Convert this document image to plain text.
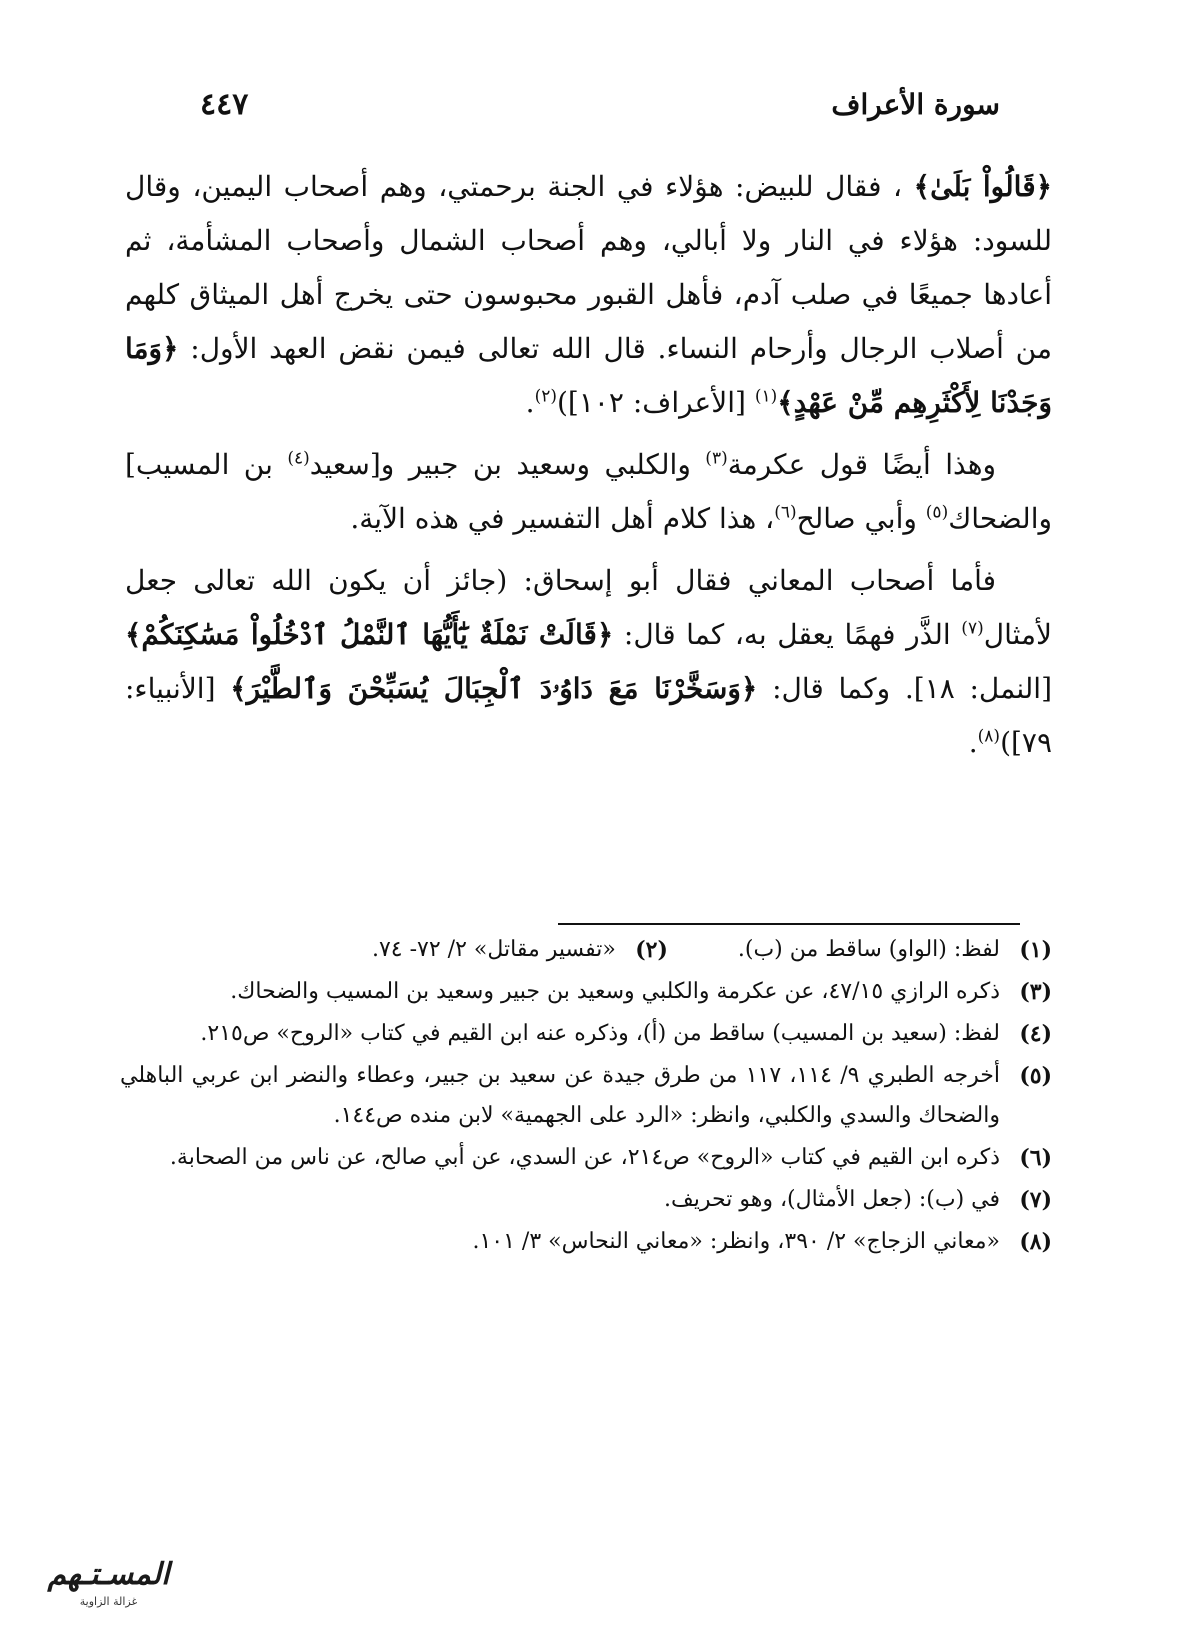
سورة الأعراف
٤٤٧

﴿قَالُواْ بَلَىٰ﴾ ، فقال للبيض: هؤلاء في الجنة برحمتي، وهم أصحاب اليمين، وقال للسود: هؤلاء في النار ولا أبالي، وهم أصحاب الشمال وأصحاب المشأمة، ثم أعادها جميعًا في صلب آدم، فأهل القبور محبوسون حتى يخرج أهل الميثاق كلهم من أصلاب الرجال وأرحام النساء. قال الله تعالى فيمن نقض العهد الأول: ﴿وَمَا وَجَدْنَا لِأَكْثَرِهِم مِّنْ عَهْدٍ﴾$^{(١)}$ [الأعراف: ١٠٢])$^{(٢)}$.

وهذا أيضًا قول عكرمة$^{(٣)}$ والكلبي وسعيد بن جبير و[سعيد$^{(٤)}$ بن المسيب] والضحاك$^{(٥)}$ وأبي صالح$^{(٦)}$، هذا كلام أهل التفسير في هذه الآية.

فأما أصحاب المعاني فقال أبو إسحاق: (جائز أن يكون الله تعالى جعل لأمثال$^{(٧)}$ الذَّر فهمًا يعقل به، كما قال: ﴿قَالَتْ نَمْلَةٌ يَٰٓأَيُّهَا ٱلنَّمْلُ ٱدْخُلُواْ مَسَٰكِنَكُمْ﴾ [النمل: ١٨]. وكما قال: ﴿وَسَخَّرْنَا مَعَ دَاوُۥدَ ٱلْجِبَالَ يُسَبِّحْنَ وَٱلطَّيْرَ﴾ [الأنبياء: ٧٩])$^{(٨)}$.

(١)
لفظ: (الواو) ساقط من (ب).
(٢)
«تفسير مقاتل» ٢/ ٧٢- ٧٤.
(٣)
ذكره الرازي ٤٧/١٥، عن عكرمة والكلبي وسعيد بن جبير وسعيد بن المسيب والضحاك.
(٤)
لفظ: (سعيد بن المسيب) ساقط من (أ)، وذكره عنه ابن القيم في كتاب «الروح» ص٢١٥.
(٥)
أخرجه الطبري ٩/ ١١٤، ١١٧ من طرق جيدة عن سعيد بن جبير، وعطاء والنضر ابن عربي الباهلي والضحاك والسدي والكلبي، وانظر: «الرد على الجهمية» لابن منده ص١٤٤.
(٦)
ذكره ابن القيم في كتاب «الروح» ص٢١٤، عن السدي، عن أبي صالح، عن ناس من الصحابة.
(٧)
في (ب): (جعل الأمثال)، وهو تحريف.
(٨)
«معاني الزجاج» ٢/ ٣٩٠، وانظر: «معاني النحاس» ٣/ ١٠١.
المسـتـهم
غزالة الزاوية
